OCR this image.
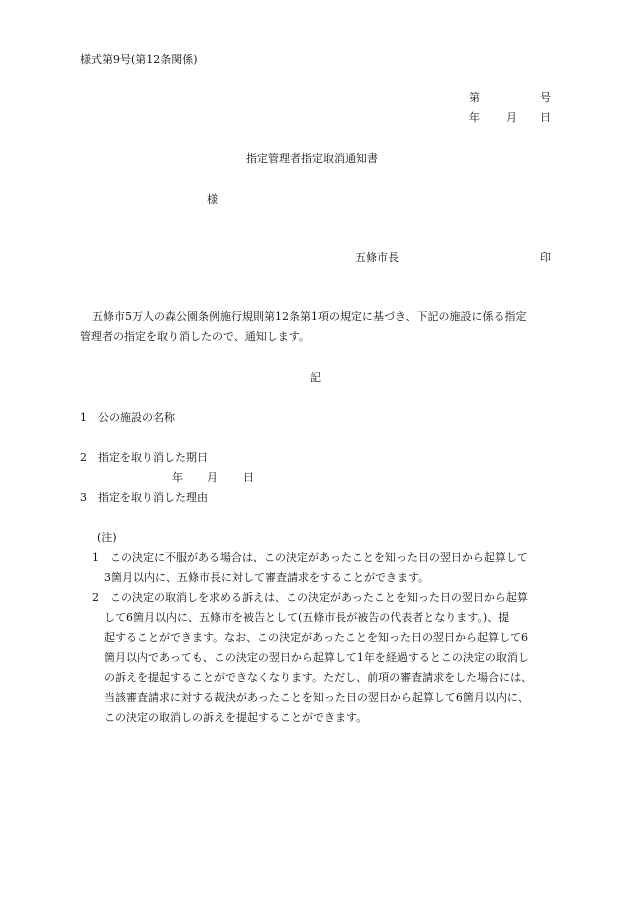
様式第9号(第12条関係)
第	号
年 月 日
指定管理者指定取消通知書
様
五條市長	印

五條市5万人の森公園条例施行規則第12条第1項の規定に基づき、下記の施設に係る指定

管理者の指定を取り消したので、通知します。

記
1　公の施設の名称
2　指定を取り消した期日
年 月 日
3　指定を取り消した理由
(注)

1　この決定に不服がある場合は、この決定があったことを知った日の翌日から起算して

3箇月以内に、五條市長に対して審査請求をすることができます。

2　この決定の取消しを求める訴えは、この決定があったことを知った日の翌日から起算

して6箇月以内に、五條市を被告として(五條市長が被告の代表者となります。)、提

起することができます。なお、この決定があったことを知った日の翌日から起算して6

箇月以内であっても、この決定の翌日から起算して1年を経過するとこの決定の取消し

の訴えを提起することができなくなります。ただし、前項の審査請求をした場合には、

当該審査請求に対する裁決があったことを知った日の翌日から起算して6箇月以内に、

この決定の取消しの訴えを提起することができます。
